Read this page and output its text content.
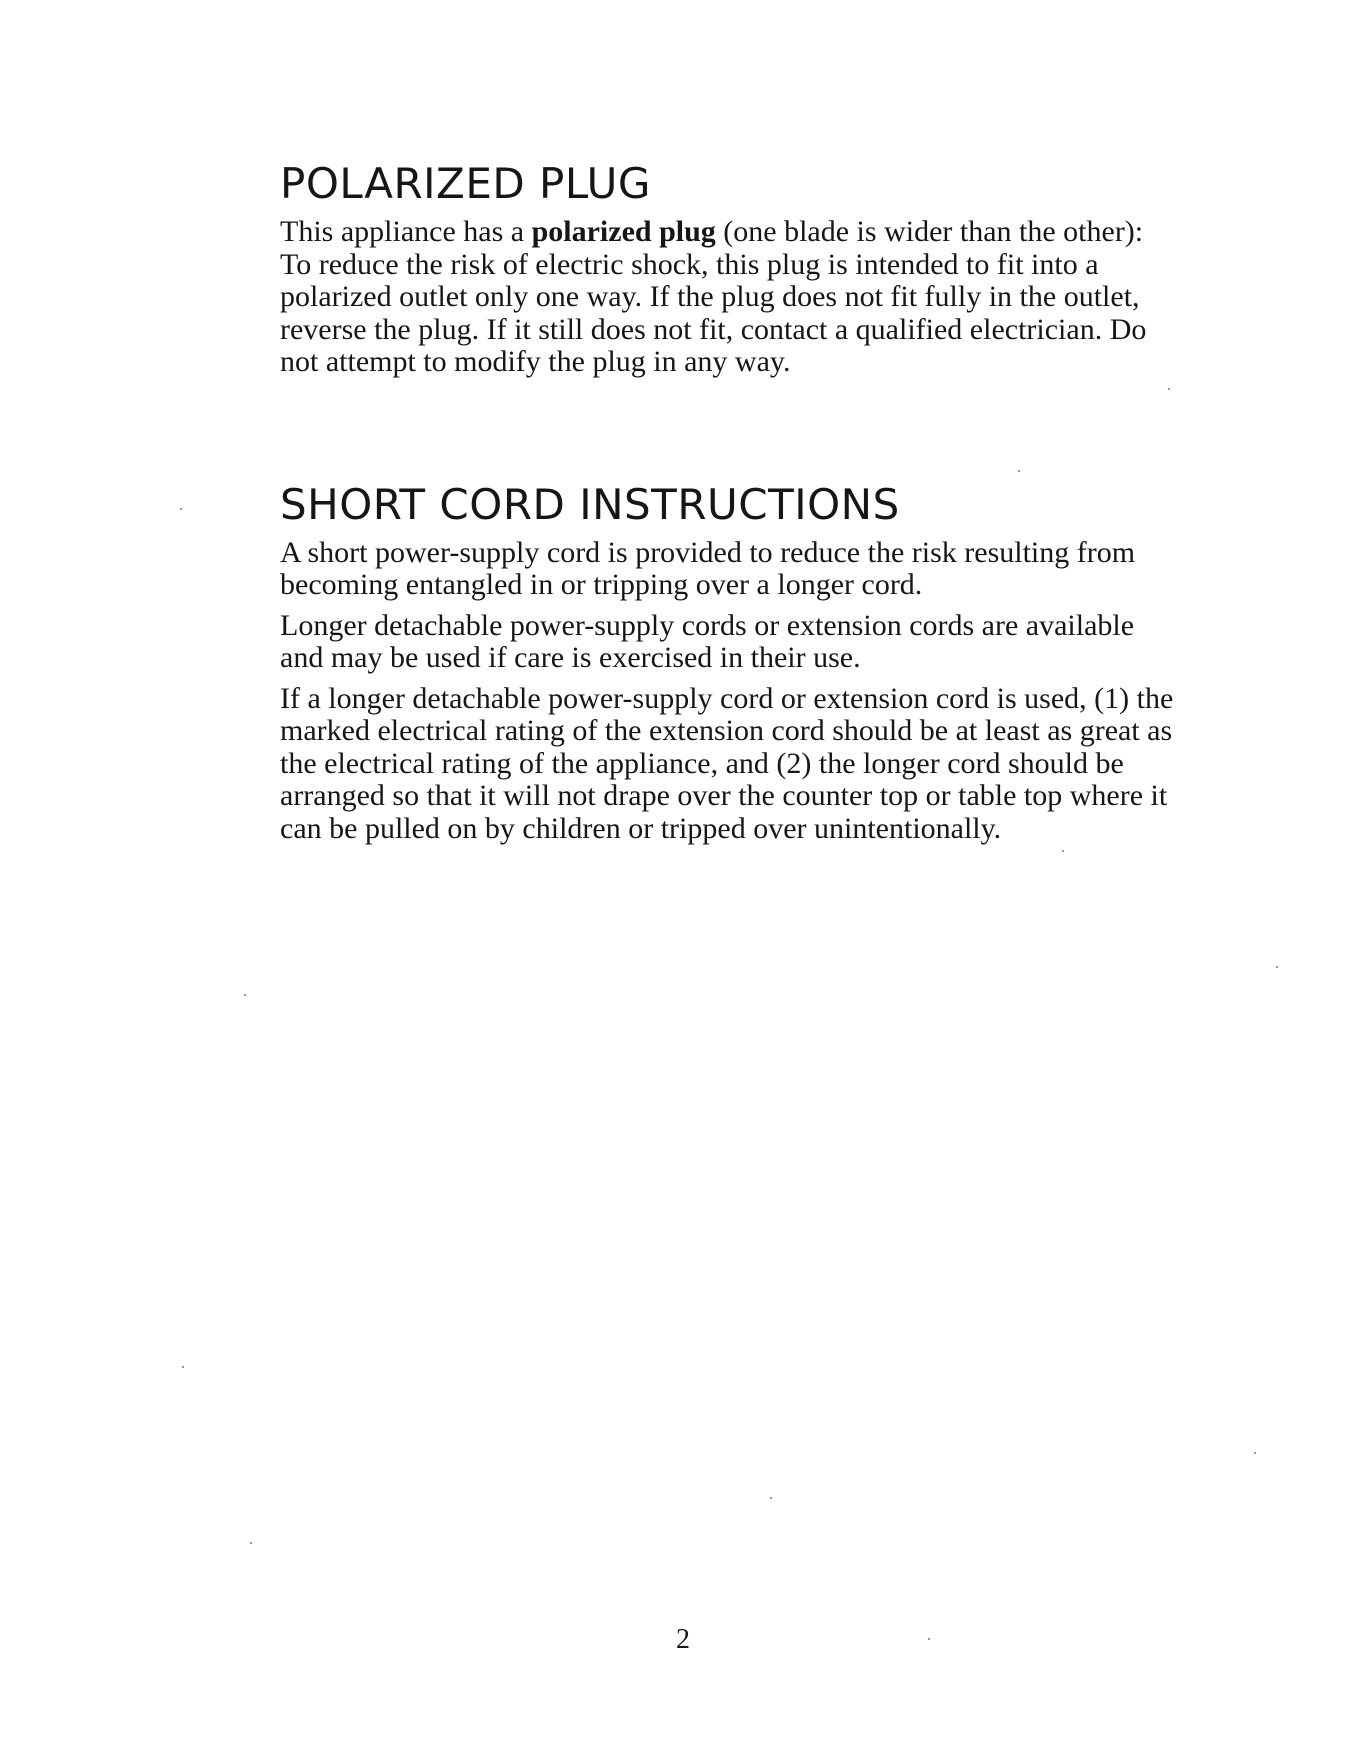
POLARIZED PLUG

This appliance has a polarized plug (one blade is wider than the other): To reduce the risk of electric shock, this plug is intended to fit into a polarized outlet only one way. If the plug does not fit fully in the outlet, reverse the plug. If it still does not fit, contact a qualified electrician. Do not attempt to modify the plug in any way.

SHORT CORD INSTRUCTIONS

A short power-supply cord is provided to reduce the risk resulting from becoming entangled in or tripping over a longer cord.

Longer detachable power-supply cords or extension cords are available and may be used if care is exercised in their use.

If a longer detachable power-supply cord or extension cord is used, (1) the marked electrical rating of the extension cord should be at least as great as the electrical rating of the appliance, and (2) the longer cord should be arranged so that it will not drape over the counter top or table top where it can be pulled on by children or tripped over unintentionally.

2
